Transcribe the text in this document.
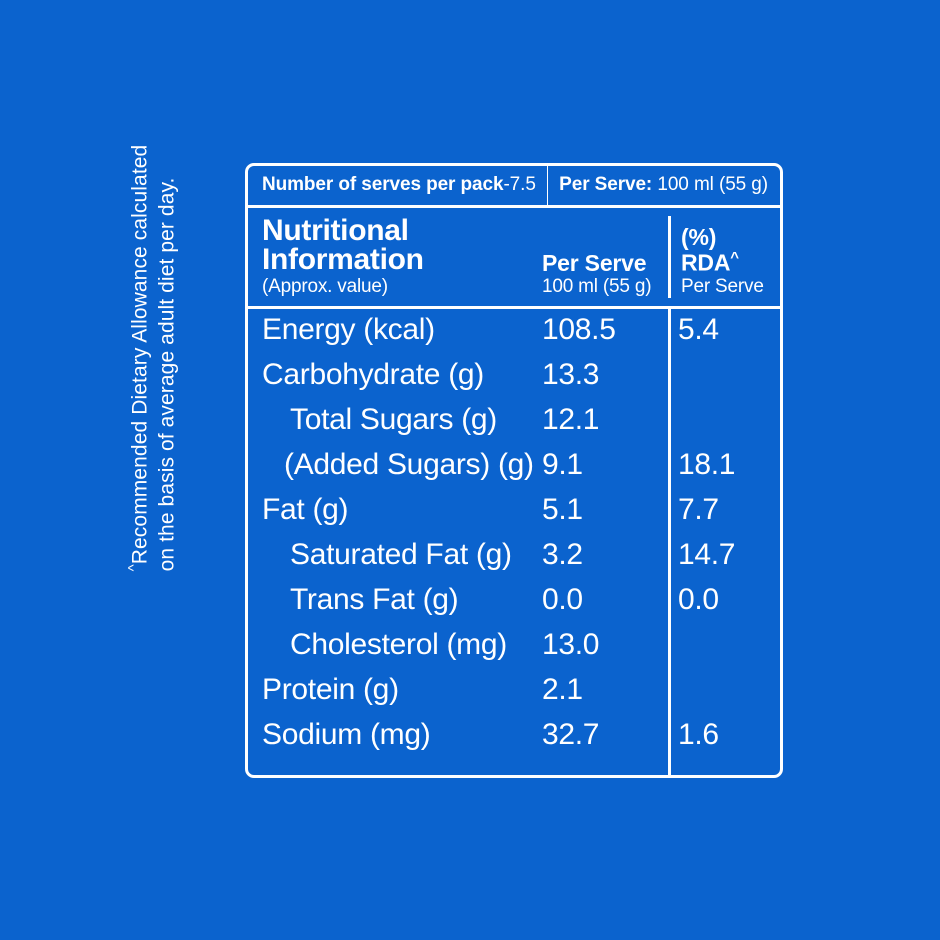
^Recommended Dietary Allowance calculated on the basis of average adult diet per day.	Number of serves per pack-7.5 Per Serve: 100 ml (55 g)
Nutritional
Information
(Approx. value)
Per Serve
100 ml (55 g)
(%) RDA^
Per Serve
Energy (kcal)	108.5	5.4
Carbohydrate (g)	13.3
Total Sugars (g)	12.1
(Added Sugars) (g) 9.1	18.1
Fat (g)	5.1	7.7
Saturated Fat (g)	3.2	14.7
Trans Fat (g)	0.0	0.0
Cholesterol (mg)	13.0
Protein (g)	2.1
Sodium (mg)	32.7	1.6
